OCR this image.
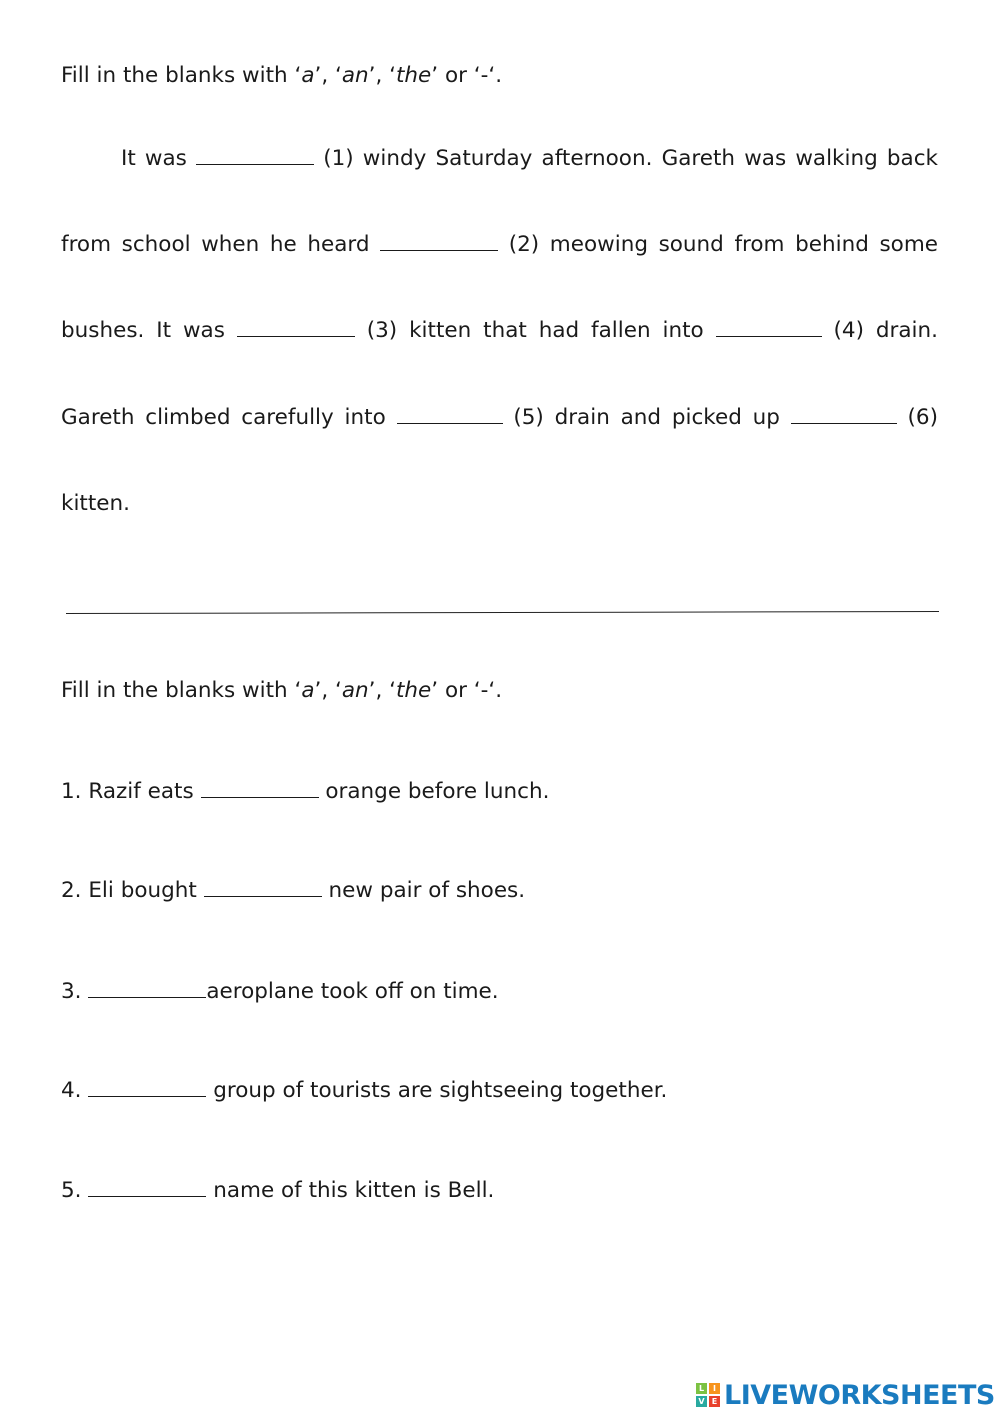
Fill in the blanks with ‘a’, ‘an’, ‘the’ or ‘-‘.
It was	(1) windy Saturday afternoon. Gareth was walking back
from school when he heard	(2) meowing sound from behind some
bushes. It was	(3) kitten that had fallen into	(4) drain.
Gareth climbed carefully into	(5) drain and picked up	(6)
kitten.
Fill in the blanks with ‘a’, ‘an’, ‘the’ or ‘-‘.
1. Razif eats	orange before lunch.
2. Eli bought	new pair of shoes.
3.	aeroplane took off on time.
4.	group of tourists are sightseeing together.
5.	name of this kitten is Bell.
L	I
V E LIVEWORKSHEETS
